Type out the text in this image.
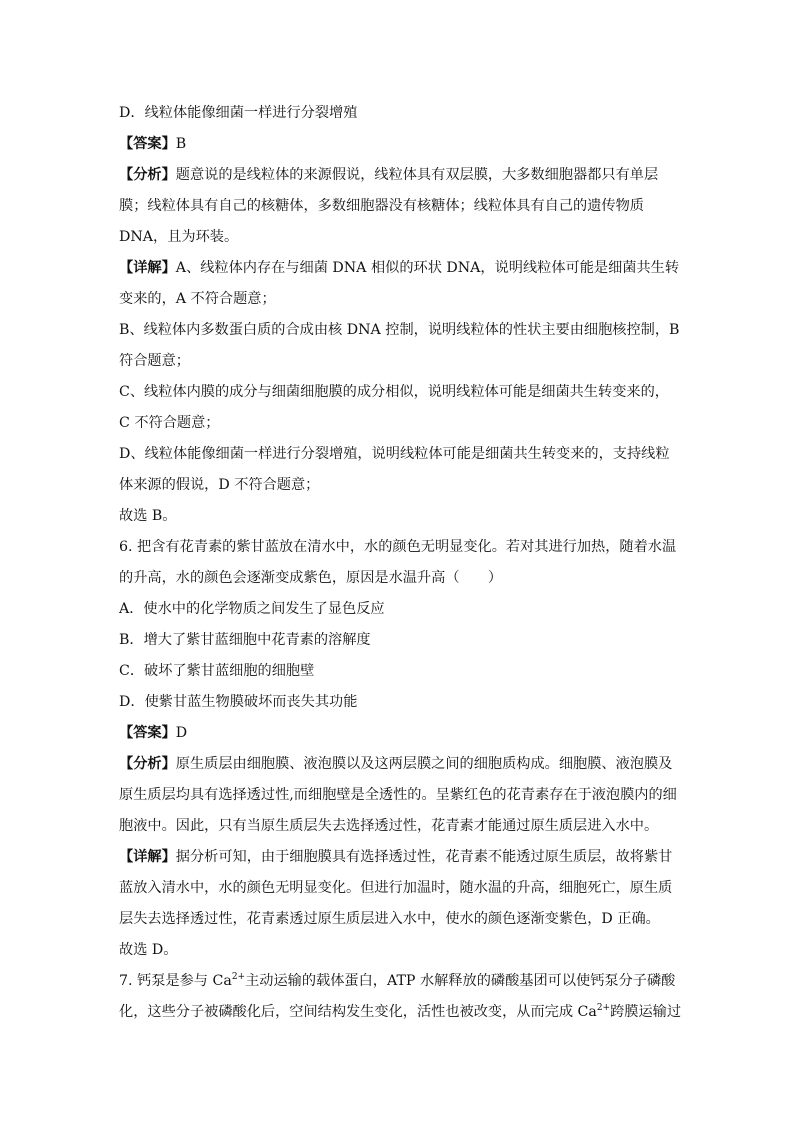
D．线粒体能像细菌一样进行分裂增殖
【答案】B
【分析】题意说的是线粒体的来源假说，线粒体具有双层膜，大多数细胞器都只有单层
膜；线粒体具有自己的核糖体，多数细胞器没有核糖体；线粒体具有自己的遗传物质
DNA，且为环装。
【详解】A、线粒体内存在与细菌 DNA 相似的环状 DNA，说明线粒体可能是细菌共生转
变来的，A 不符合题意；
B、线粒体内多数蛋白质的合成由核 DNA 控制，说明线粒体的性状主要由细胞核控制，B
符合题意；
C、线粒体内膜的成分与细菌细胞膜的成分相似，说明线粒体可能是细菌共生转变来的，
C 不符合题意；
D、线粒体能像细菌一样进行分裂增殖，说明线粒体可能是细菌共生转变来的，支持线粒
体来源的假说，D 不符合题意；
故选 B。
6. 把含有花青素的紫甘蓝放在清水中，水的颜色无明显变化。若对其进行加热，随着水温
的升高，水的颜色会逐渐变成紫色，原因是水温升高（　　）
A．使水中的化学物质之间发生了显色反应
B．增大了紫甘蓝细胞中花青素的溶解度
C．破坏了紫甘蓝细胞的细胞壁
D．使紫甘蓝生物膜破坏而丧失其功能
【答案】D
【分析】原生质层由细胞膜、液泡膜以及这两层膜之间的细胞质构成。细胞膜、液泡膜及
原生质层均具有选择透过性,而细胞壁是全透性的。呈紫红色的花青素存在于液泡膜内的细
胞液中。因此，只有当原生质层失去选择透过性，花青素才能通过原生质层进入水中。
【详解】据分析可知，由于细胞膜具有选择透过性，花青素不能透过原生质层，故将紫甘
蓝放入清水中，水的颜色无明显变化。但进行加温时，随水温的升高，细胞死亡，原生质
层失去选择透过性，花青素透过原生质层进入水中，使水的颜色逐渐变紫色，D 正确。
故选 D。
7. 钙泵是参与 $Ca^{2+}$主动运输的载体蛋白，ATP 水解释放的磷酸基团可以使钙泵分子磷酸
化，这些分子被磷酸化后，空间结构发生变化，活性也被改变，从而完成 $Ca^{2+}$跨膜运输过
